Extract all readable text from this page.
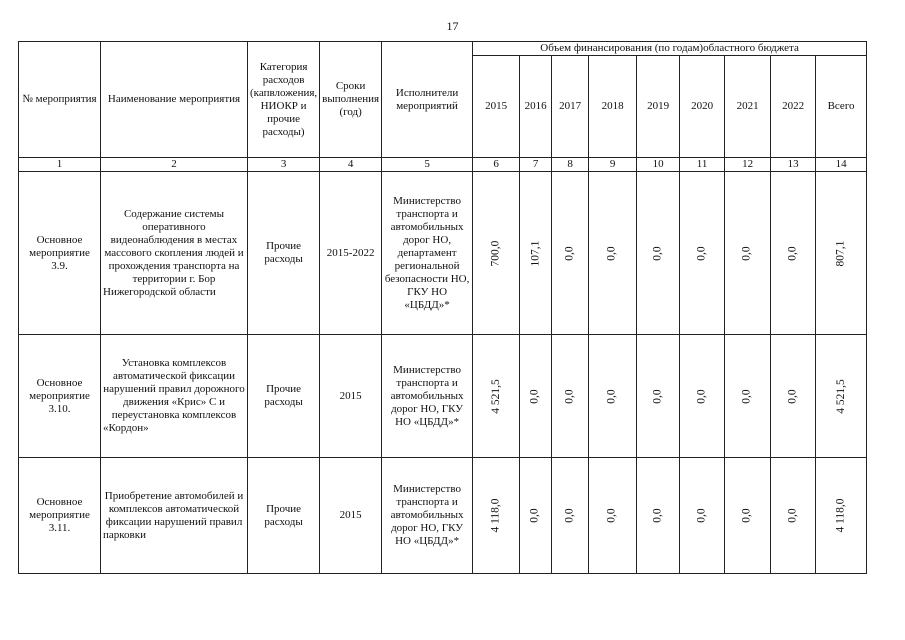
17
№ мероприятия	Наименование мероприятия	Категория расходов (капвложения, НИОКР и прочие расходы)	Сроки выполнения (год)	Исполнители мероприятий	Объем финансирования (по годам)областного бюджета								
					2015	2016	2017	2018	2019	2020	2021	2022	Всего
1	2	3	4	5	6	7	8	9	10	11	12	13	14
Основное мероприятие 3.9.	Содержание системы оперативного видеонаблюдения в местах массового скопления людей и прохождения транспорта на территории г. Бор Нижегородской области	Прочие расходы	2015-2022	Министерство транспорта и автомобильных дорог НО, департамент региональной безопасности НО, ГКУ НО «ЦБДД»*	700,0	107,1	0,0	0,0	0,0	0,0	0,0	0,0	807,1
Основное мероприятие 3.10.	Установка комплексов автоматической фиксации нарушений правил дорожного движения «Крис» С и переустановка комплексов «Кордон»	Прочие расходы	2015	Министерство транспорта и автомобильных дорог НО, ГКУ НО «ЦБДД»*	4 521,5	0,0	0,0	0,0	0,0	0,0	0,0	0,0	4 521,5
Основное мероприятие 3.11.	Приобретение автомобилей и комплексов автоматической фиксации нарушений правил парковки	Прочие расходы	2015	Министерство транспорта и автомобильных дорог НО, ГКУ НО «ЦБДД»*	4 118,0	0,0	0,0	0,0	0,0	0,0	0,0	0,0	4 118,0
